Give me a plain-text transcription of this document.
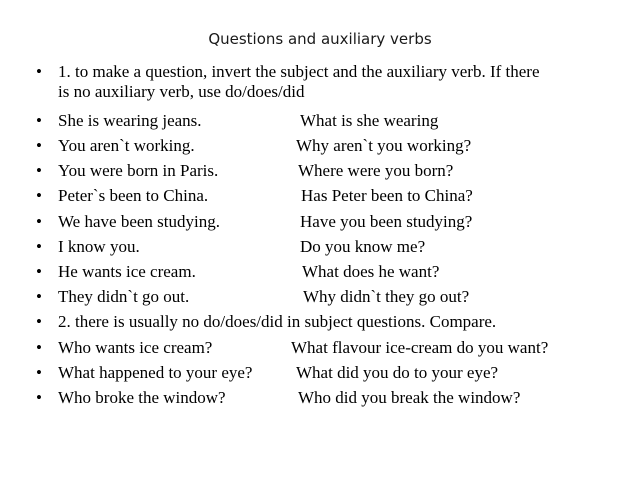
Questions and auxiliary verbs
• 1. to make a question, invert the subject and the auxiliary verb. If there
is no auxiliary verb, use do/does/did
• She is wearing jeans.	What is she wearing
• You aren`t working.	Why aren`t you working?
• You were born in Paris.	Where were you born?
• Peter`s been to China.	Has Peter been to China?
• We have been studying.	Have you been studying?
• I know you.	Do you know me?
• He wants ice cream.	What does he want?
• They didn`t go out.	Why didn`t they go out?
• 2. there is usually no do/does/did in subject questions. Compare.
• Who wants ice cream?	What flavour ice-cream do you want?
• What happened to your eye?	What did you do to your eye?
• Who broke the window?	Who did you break the window?
